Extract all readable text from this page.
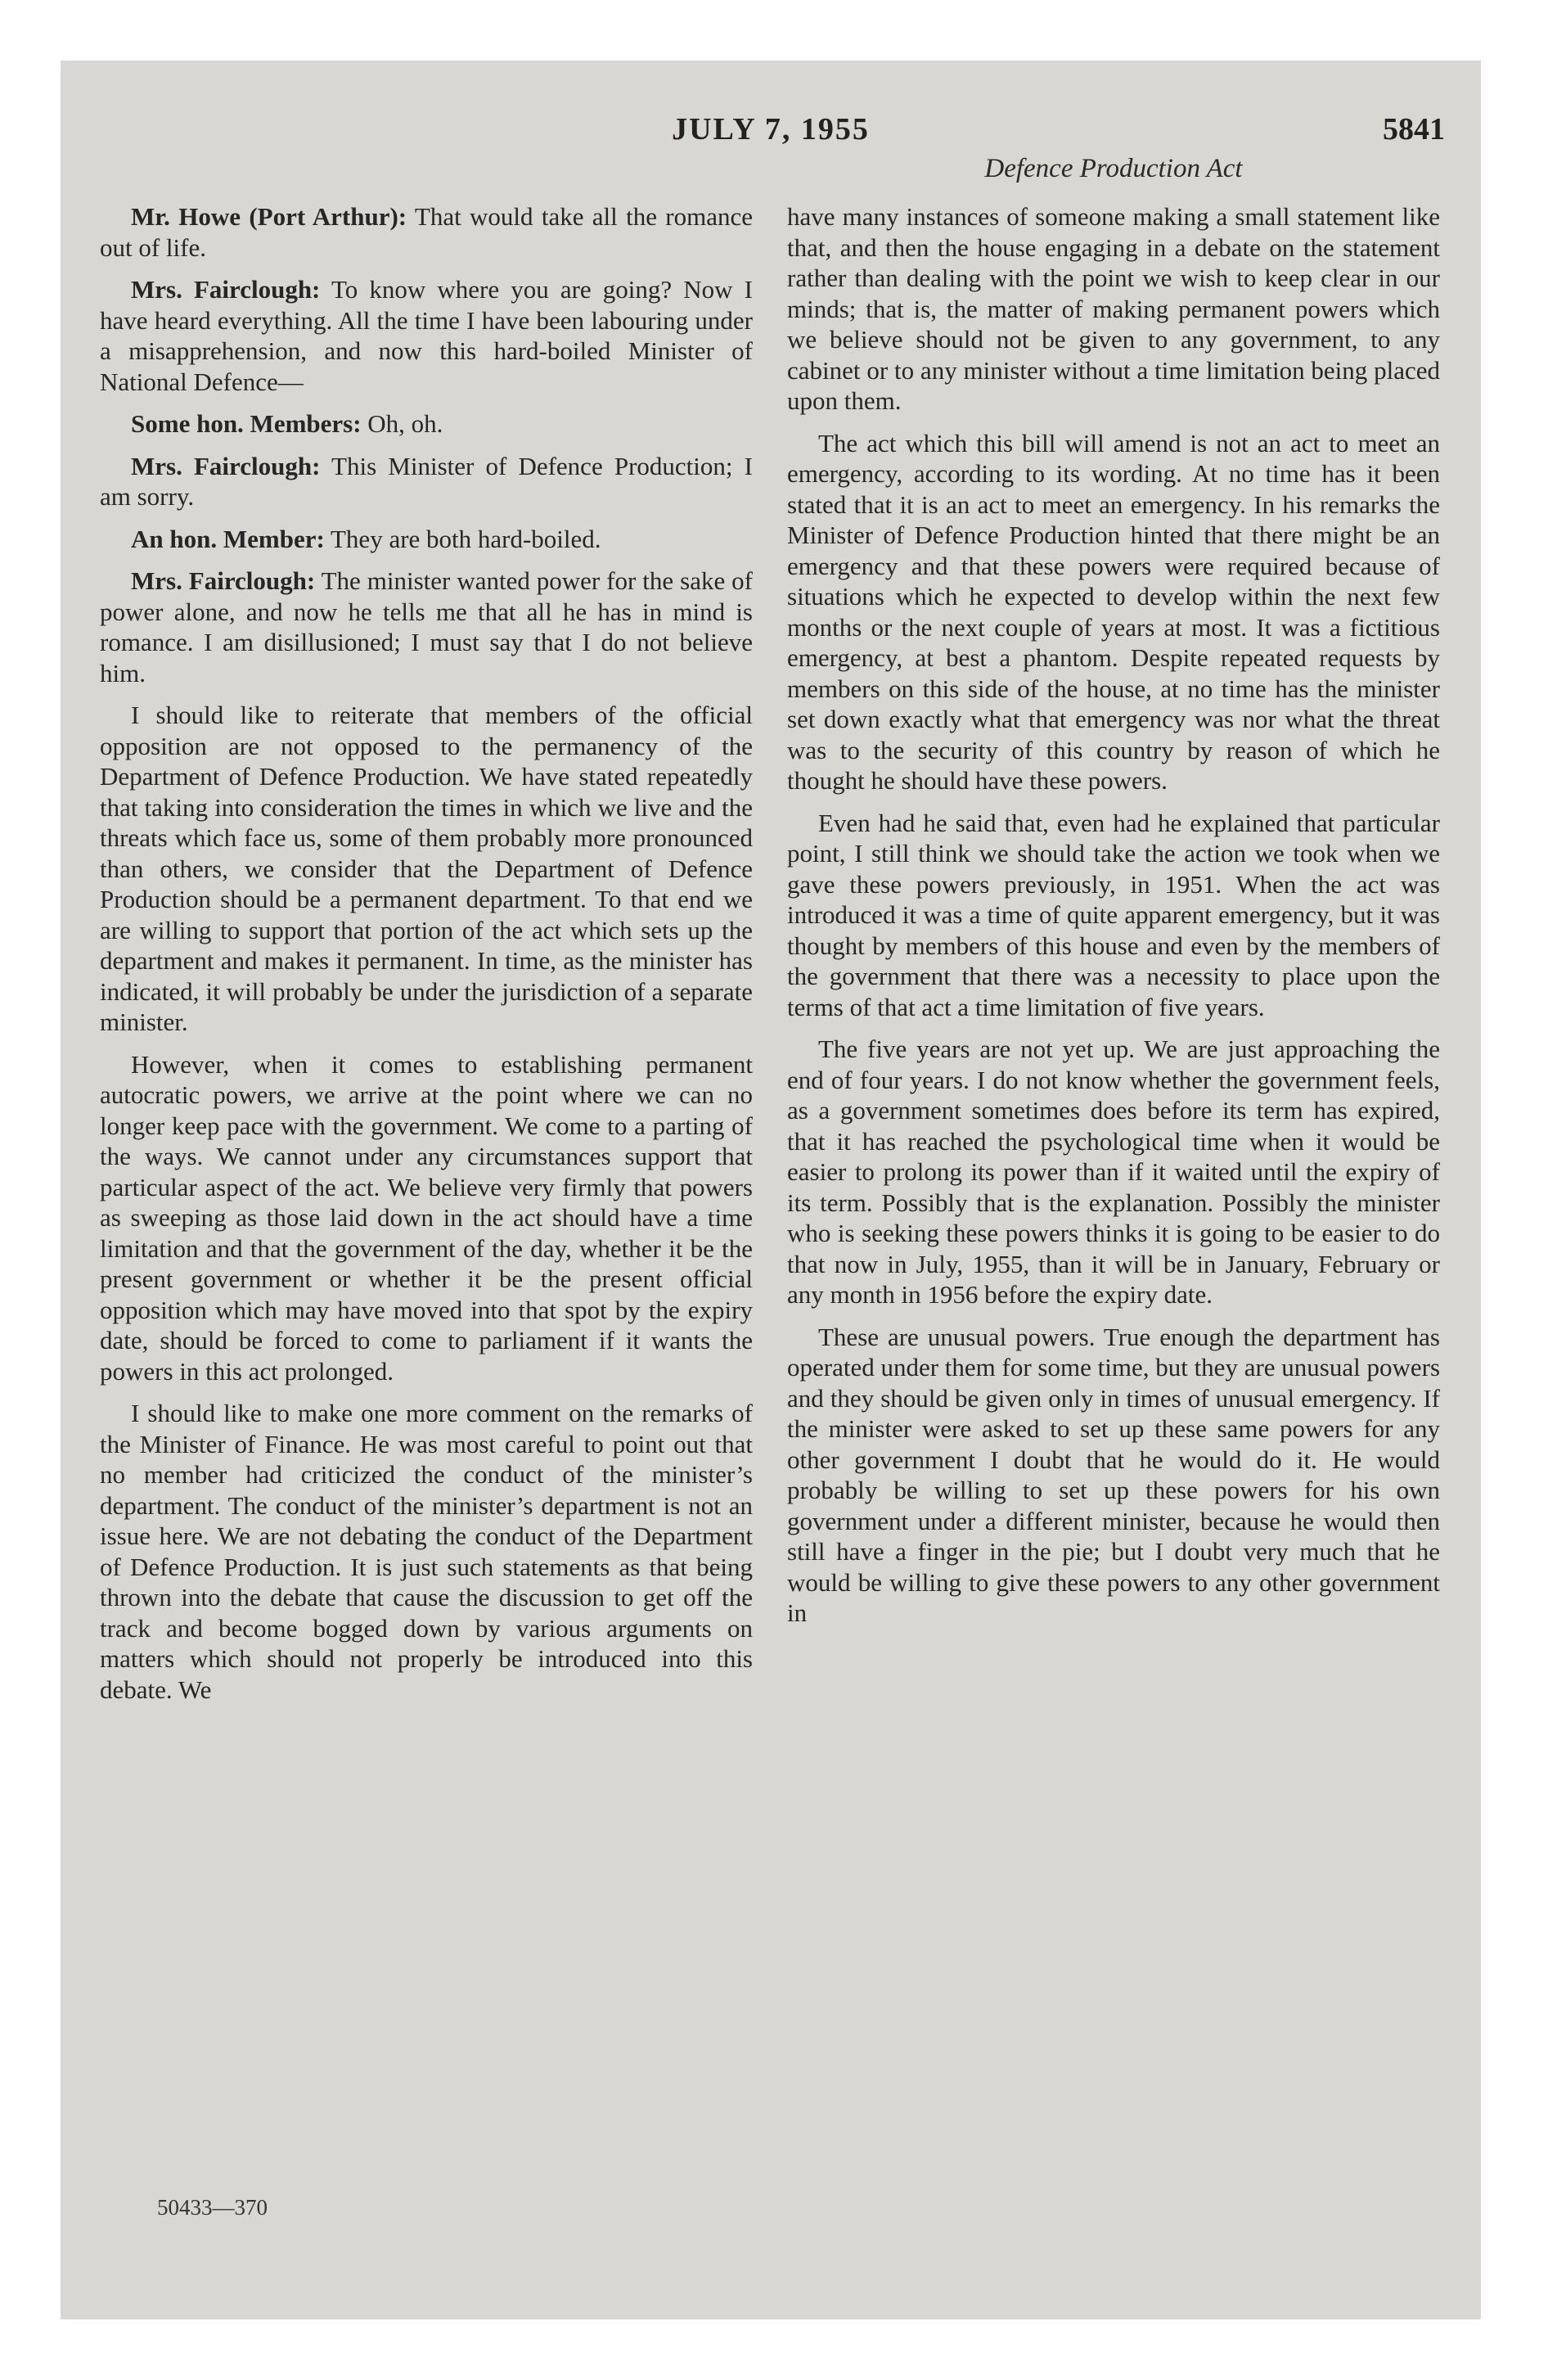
JULY 7, 1955	5841
Defence Production Act

Mr. Howe (Port Arthur): That would take all the romance out of life.

Mrs. Fairclough: To know where you are going? Now I have heard everything. All the time I have been labouring under a misapprehension, and now this hard-boiled Minister of National Defence—

Some hon. Members: Oh, oh.

Mrs. Fairclough: This Minister of Defence Production; I am sorry.

An hon. Member: They are both hard-boiled.

Mrs. Fairclough: The minister wanted power for the sake of power alone, and now he tells me that all he has in mind is romance. I am disillusioned; I must say that I do not believe him.

I should like to reiterate that members of the official opposition are not opposed to the permanency of the Department of Defence Production. We have stated repeatedly that taking into consideration the times in which we live and the threats which face us, some of them probably more pronounced than others, we consider that the Department of Defence Production should be a permanent department. To that end we are willing to support that portion of the act which sets up the department and makes it permanent. In time, as the minister has indicated, it will probably be under the jurisdiction of a separate minister.

However, when it comes to establishing permanent autocratic powers, we arrive at the point where we can no longer keep pace with the government. We come to a parting of the ways. We cannot under any circumstances support that particular aspect of the act. We believe very firmly that powers as sweeping as those laid down in the act should have a time limitation and that the government of the day, whether it be the present government or whether it be the present official opposition which may have moved into that spot by the expiry date, should be forced to come to parliament if it wants the powers in this act prolonged.

I should like to make one more comment on the remarks of the Minister of Finance. He was most careful to point out that no member had criticized the conduct of the minister’s department. The conduct of the minister’s department is not an issue here. We are not debating the conduct of the Department of Defence Production. It is just such statements as that being thrown into the debate that cause the discussion to get off the track and become bogged down by various arguments on matters which should not properly be introduced into this debate. We

have many instances of someone making a small statement like that, and then the house engaging in a debate on the statement rather than dealing with the point we wish to keep clear in our minds; that is, the matter of making permanent powers which we believe should not be given to any government, to any cabinet or to any minister without a time limitation being placed upon them.

The act which this bill will amend is not an act to meet an emergency, according to its wording. At no time has it been stated that it is an act to meet an emergency. In his remarks the Minister of Defence Production hinted that there might be an emergency and that these powers were required because of situations which he expected to develop within the next few months or the next couple of years at most. It was a fictitious emergency, at best a phantom. Despite repeated requests by members on this side of the house, at no time has the minister set down exactly what that emergency was nor what the threat was to the security of this country by reason of which he thought he should have these powers.

Even had he said that, even had he explained that particular point, I still think we should take the action we took when we gave these powers previously, in 1951. When the act was introduced it was a time of quite apparent emergency, but it was thought by members of this house and even by the members of the government that there was a necessity to place upon the terms of that act a time limitation of five years.

The five years are not yet up. We are just approaching the end of four years. I do not know whether the government feels, as a government sometimes does before its term has expired, that it has reached the psychological time when it would be easier to prolong its power than if it waited until the expiry of its term. Possibly that is the explanation. Possibly the minister who is seeking these powers thinks it is going to be easier to do that now in July, 1955, than it will be in January, February or any month in 1956 before the expiry date.

These are unusual powers. True enough the department has operated under them for some time, but they are unusual powers and they should be given only in times of unusual emergency. If the minister were asked to set up these same powers for any other government I doubt that he would do it. He would probably be willing to set up these powers for his own government under a different minister, because he would then still have a finger in the pie; but I doubt very much that he would be willing to give these powers to any other government in

50433—370
